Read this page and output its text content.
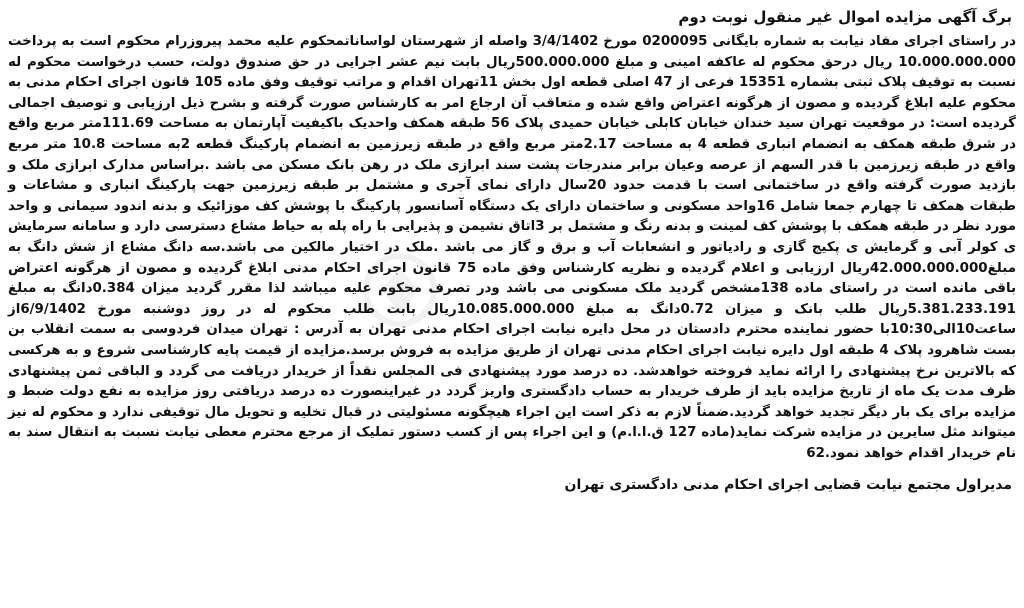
برگ آگهی مزایده اموال غیر منقول نوبت دوم

در راستای اجرای مفاد نیابت به شماره بایگانی 0200095 مورخ 3/4/1402 واصله از شهرستان لواساناتمحکوم علیه محمد پیروزرام محکوم است به پرداخت 10.000.000.000 ریال درحق محکوم له عاکفه امینی و مبلغ 500.000.000ریال بابت نیم عشر اجرایی در حق صندوق دولت، حسب درخواست محکوم له نسبت به توقیف پلاک ثبتی بشماره 15351 فرعی از 47 اصلی قطعه اول بخش 11تهران اقدام و مراتب توقیف وفق ماده 105 قانون اجرای احکام مدنی به محکوم علیه ابلاغ گردیده و مصون از هرگونه اعتراض واقع شده و متعاقب آن ارجاع امر به کارشناس صورت گرفته و بشرح ذیل ارزیابی و توصیف اجمالی گردیده است: در موقعیت تهران سید خندان خیابان کابلی خیابان حمیدی پلاک 56 طبقه همکف واحدیک باکیفیت آپارتمان به مساحت 111.69متر مربع واقع در شرق طبقه همکف به انضمام انباری قطعه 4 به مساحت 2.17متر مربع واقع در طبقه زیرزمین به انضمام پارکینگ قطعه 2به مساحت 10.8 متر مربع واقع در طبقه زیرزمین با قدر السهم از عرصه وعیان برابر مندرجات پشت سند ابرازی ملک در رهن بانک مسکن می باشد .براساس مدارک ابرازی ملک و بازدید صورت گرفته واقع در ساختمانی است با قدمت حدود 20سال دارای نمای آجری و مشتمل بر طبقه زیرزمین جهت پارکینگ انباری و مشاعات و طبقات همکف تا چهارم جمعا شامل 16واحد مسکونی و ساختمان دارای یک دستگاه آسانسور پارکینگ با پوشش کف موزائیک و بدنه اندود سیمانی و واحد مورد نظر در طبقه همکف با پوشش کف لمینت و بدنه رنگ و مشتمل بر 3اتاق نشیمن و پذیرایی با راه پله به حیاط مشاع دسترسی دارد و سامانه سرمایش ی کولر آبی و گرمایش ی پکیج گازی و رادیاتور و انشعابات آب و برق و گاز می باشد .ملک در اختیار مالکین می باشد.سه دانگ مشاع از شش دانگ به مبلغ42.000.000.000ریال ارزیابی و اعلام گردیده و نظریه کارشناس وفق ماده 75 قانون اجرای احکام مدنی ابلاغ گردیده و مصون از هرگونه اعتراض باقی مانده است در راستای ماده 138مشخص گردید ملک مسکونی می باشد ودر تصرف محکوم علیه میباشد لذا مقرر گردید میزان 0.384دانگ به مبلغ 5.381.233.191ریال طلب بانک و میزان 0.72دانگ به مبلغ 10.085.000.000ریال بابت طلب محکوم له در روز دوشنبه مورخ 6/9/1402از ساعت10الی10:30با حضور نماینده محترم دادستان در محل دایره نیابت اجرای احکام مدنی تهران به آدرس : تهران میدان فردوسی به سمت انقلاب بن بست شاهرود پلاک 4 طبقه اول دایره نیابت اجرای احکام مدنی تهران از طریق مزایده به فروش برسد.مزایده از قیمت پایه کارشناسی شروع و به هرکسی که بالاترین نرخ پیشنهادی را ارائه نماید فروخته خواهدشد. ده درصد مورد پیشنهادی فی المجلس نقداً از خریدار دریافت می گردد و الباقی ثمن پیشنهادی ظرف مدت یک ماه از تاریخ مزایده باید از طرف خریدار به حساب دادگستری واریز گردد در غیراینصورت ده درصد دریافتی روز مزایده به نفع دولت ضبط و مزایده برای یک بار دیگر تجدید خواهد گردید.ضمناً لازم به ذکر است این اجراء هیچگونه مسئولیتی در قبال تخلیه و تحویل مال توقیفی ندارد و محکوم له نیز میتواند مثل سایرین در مزایده شرکت نماید(ماده 127 ق.ا.ا.م) و این اجراء پس از کسب دستور تملیک از مرجع محترم معطی نیابت نسبت به انتقال سند به نام خریدار اقدام خواهد نمود.62

مدیراول مجتمع نیابت قضایی اجرای احکام مدنی دادگستری تهران
